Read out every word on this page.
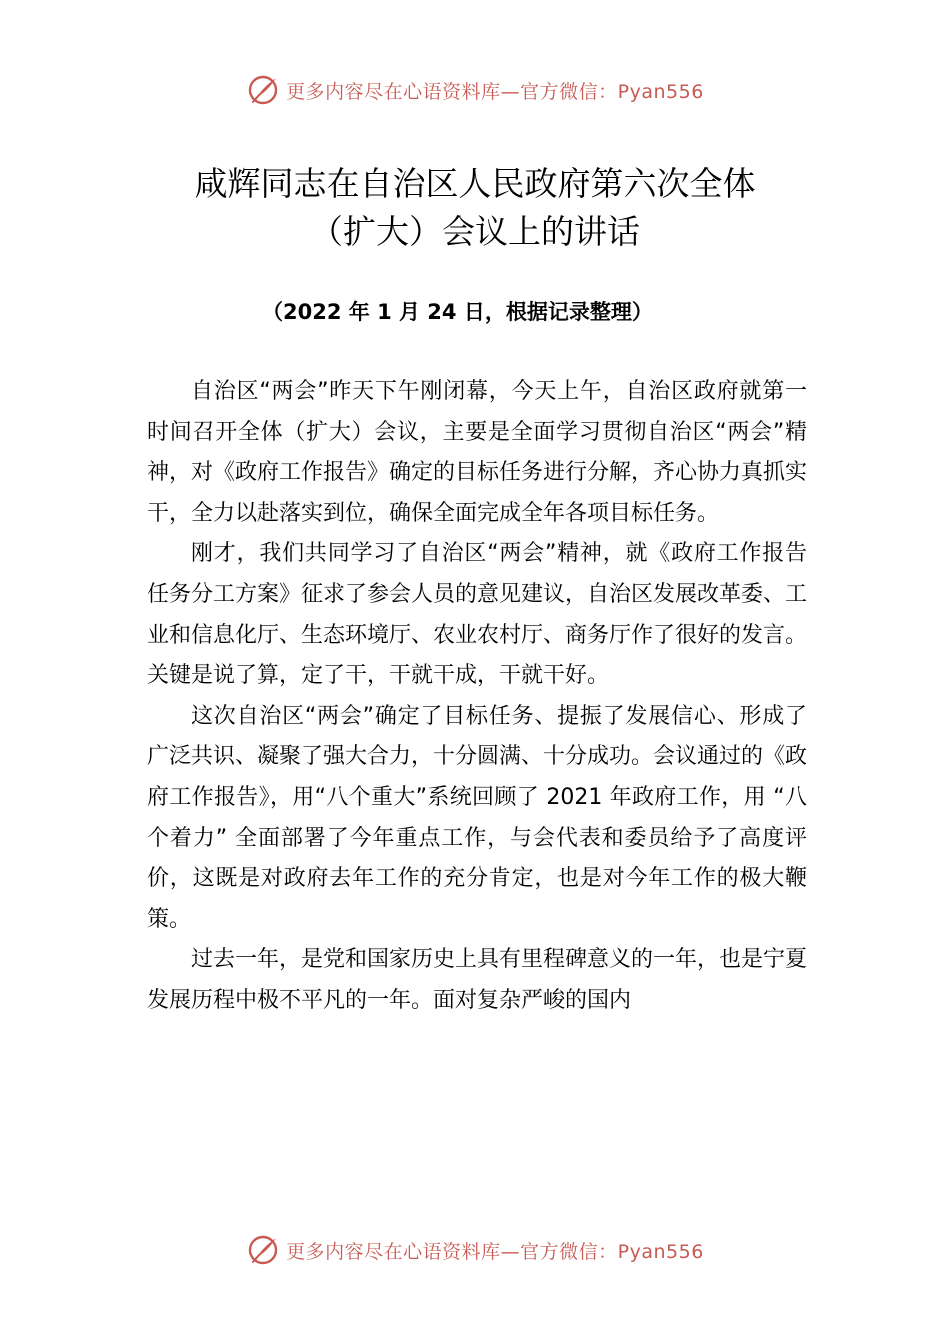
更多内容尽在心语资料库—官方微信：Pyan556
咸辉同志在自治区人民政府第六次全体
（扩大）会议上的讲话
（2022 年 1 月 24 日，根据记录整理）

自治区“两会”昨天下午刚闭幕，今天上午，自治区政府就第一时间召开全体（扩大）会议，主要是全面学习贯彻自治区“两会”精神，对《政府工作报告》确定的目标任务进行分解，齐心协力真抓实干，全力以赴落实到位，确保全面完成全年各项目标任务。

刚才，我们共同学习了自治区“两会”精神，就《政府工作报告任务分工方案》征求了参会人员的意见建议，自治区发展改革委、工业和信息化厅、生态环境厅、农业农村厅、商务厅作了很好的发言。关键是说了算，定了干，干就干成，干就干好。

这次自治区“两会”确定了目标任务、提振了发展信心、形成了广泛共识、凝聚了强大合力，十分圆满、十分成功。会议通过的《政府工作报告》，用“八个重大”系统回顾了 2021 年政府工作，用 “八个着力” 全面部署了今年重点工作，与会代表和委员给予了高度评价，这既是对政府去年工作的充分肯定，也是对今年工作的极大鞭策。

过去一年，是党和国家历史上具有里程碑意义的一年，也是宁夏发展历程中极不平凡的一年。面对复杂严峻的国内

更多内容尽在心语资料库—官方微信：Pyan556
